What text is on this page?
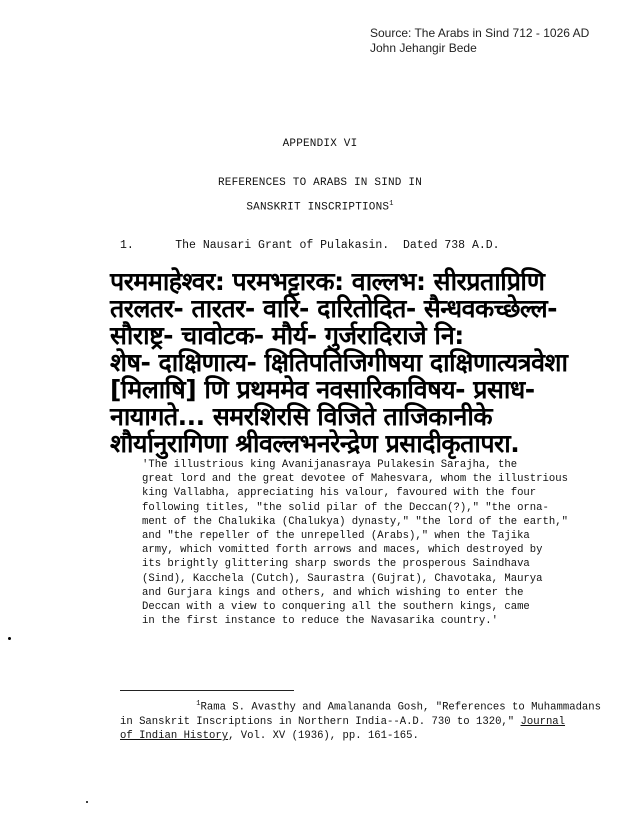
Source: The Arabs in Sind 712 - 1026 AD
John Jehangir Bede
APPENDIX VI
REFERENCES TO ARABS IN SIND IN
SANSKRIT INSCRIPTIONS$^1$
1.	The Nausari Grant of Pulakasin.  Dated 738 A.D.
परममाहेश्वर: परमभट्टारक: वाल्लभ: सीरप्रताप्रिणि
तरलतर- तारतर- वारि- दारितोदित- सैन्धवकच्छेल्ल-
सौराष्ट्र- चावोटक- मौर्य- गुर्जरादिराजे नि:
शेष- दाक्षिणात्य- क्षितिपतिजिगीषया दाक्षिणात्यत्रवेशा
[मिलाषि] णि प्रथममेव नवसारिकाविषय- प्रसाध-
नायागते... समरशिरसि विजिते ताजिकानीके
शौर्यानुरागिणा श्रीवल्लभनरेन्द्रेण प्रसादीकृतापरा.
'The illustrious king Avanijanasraya Pulakesin Sarajha, the
great lord and the great devotee of Mahesvara, whom the illustrious
king Vallabha, appreciating his valour, favoured with the four
following titles, "the solid pilar of the Deccan(?)," "the orna-
ment of the Chalukika (Chalukya) dynasty," "the lord of the earth,"
and "the repeller of the unrepelled (Arabs)," when the Tajika
army, which vomitted forth arrows and maces, which destroyed by
its brightly glittering sharp swords the prosperous Saindhava
(Sind), Kacchela (Cutch), Saurastra (Gujrat), Chavotaka, Maurya
and Gurjara kings and others, and which wishing to enter the
Deccan with a view to conquering all the southern kings, came
in the first instance to reduce the Navasarika country.'
$^1$Rama S. Avasthy and Amalananda Gosh, "References to Muhammadans
in Sanskrit Inscriptions in Northern India--A.D. 730 to 1320," Journal
of Indian History, Vol. XV (1936), pp. 161-165.
